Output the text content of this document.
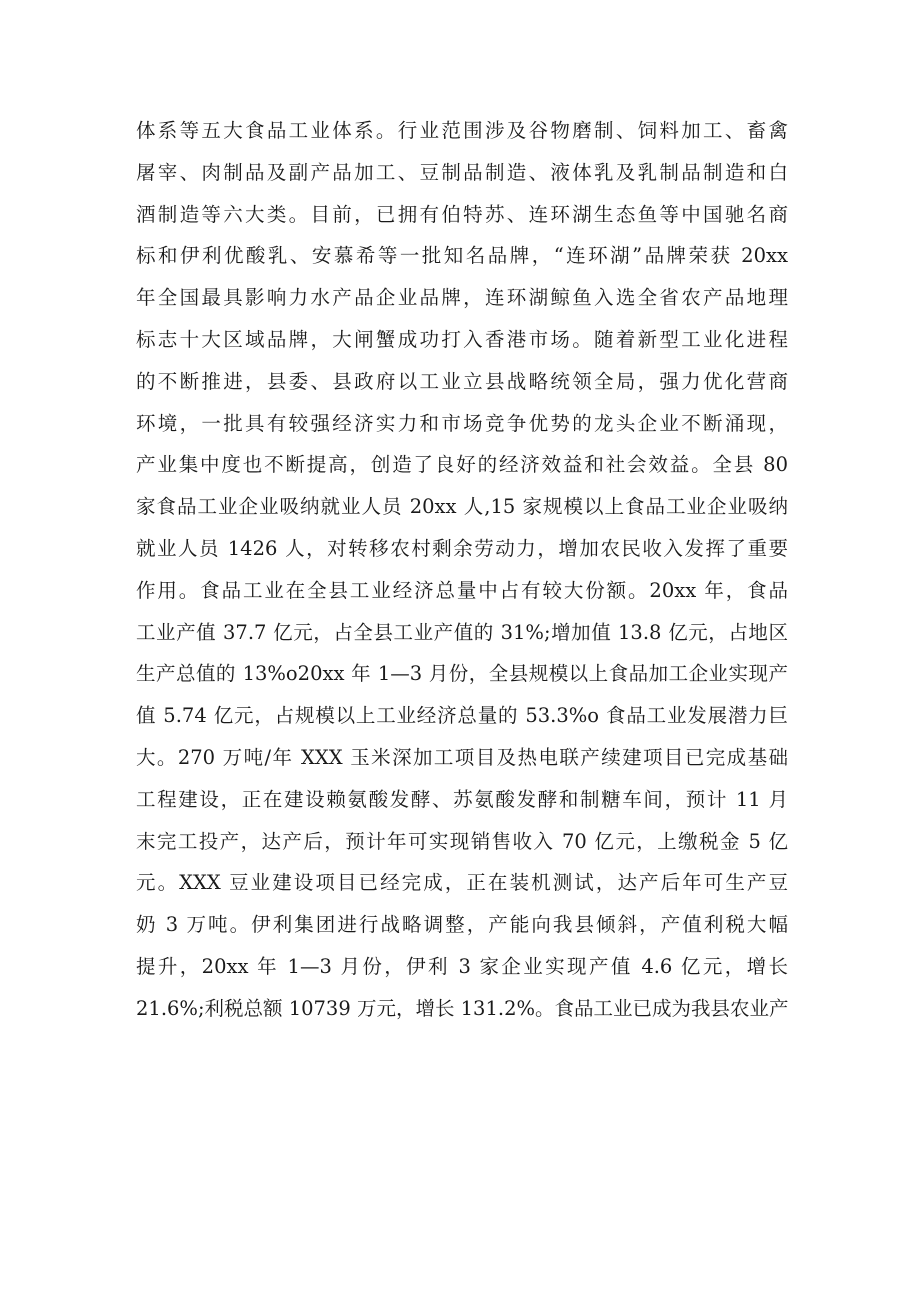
体系等五大食品工业体系。行业范围涉及谷物磨制、饲料加工、畜禽
屠宰、肉制品及副产品加工、豆制品制造、液体乳及乳制品制造和白
酒制造等六大类。目前，已拥有伯特苏、连环湖生态鱼等中国驰名商
标和伊利优酸乳、安慕希等一批知名品牌，“连环湖”品牌荣获 20xx
年全国最具影响力水产品企业品牌，连环湖鲸鱼入选全省农产品地理
标志十大区域品牌，大闸蟹成功打入香港市场。随着新型工业化进程
的不断推进，县委、县政府以工业立县战略统领全局，强力优化营商
环境，一批具有较强经济实力和市场竞争优势的龙头企业不断涌现，
产业集中度也不断提高，创造了良好的经济效益和社会效益。全县 80
家食品工业企业吸纳就业人员 20xx 人,15 家规模以上食品工业企业吸纳
就业人员 1426 人，对转移农村剩余劳动力，增加农民收入发挥了重要
作用。食品工业在全县工业经济总量中占有较大份额。20xx 年，食品
工业产值 37.7 亿元，占全县工业产值的 31%;增加值 13.8 亿元，占地区
生产总值的 13%o20xx 年 1—3 月份，全县规模以上食品加工企业实现产
值 5.74 亿元，占规模以上工业经济总量的 53.3%o 食品工业发展潜力巨
大。270 万吨/年 XXX 玉米深加工项目及热电联产续建项目已完成基础
工程建设，正在建设赖氨酸发酵、苏氨酸发酵和制糖车间，预计 11 月
末完工投产，达产后，预计年可实现销售收入 70 亿元，上缴税金 5 亿
元。XXX 豆业建设项目已经完成，正在装机测试，达产后年可生产豆
奶 3 万吨。伊利集团进行战略调整，产能向我县倾斜，产值利税大幅
提升，20xx 年 1—3 月份，伊利 3 家企业实现产值 4.6 亿元，增长
21.6%;利税总额 10739 万元，增长 131.2%。食品工业已成为我县农业产
